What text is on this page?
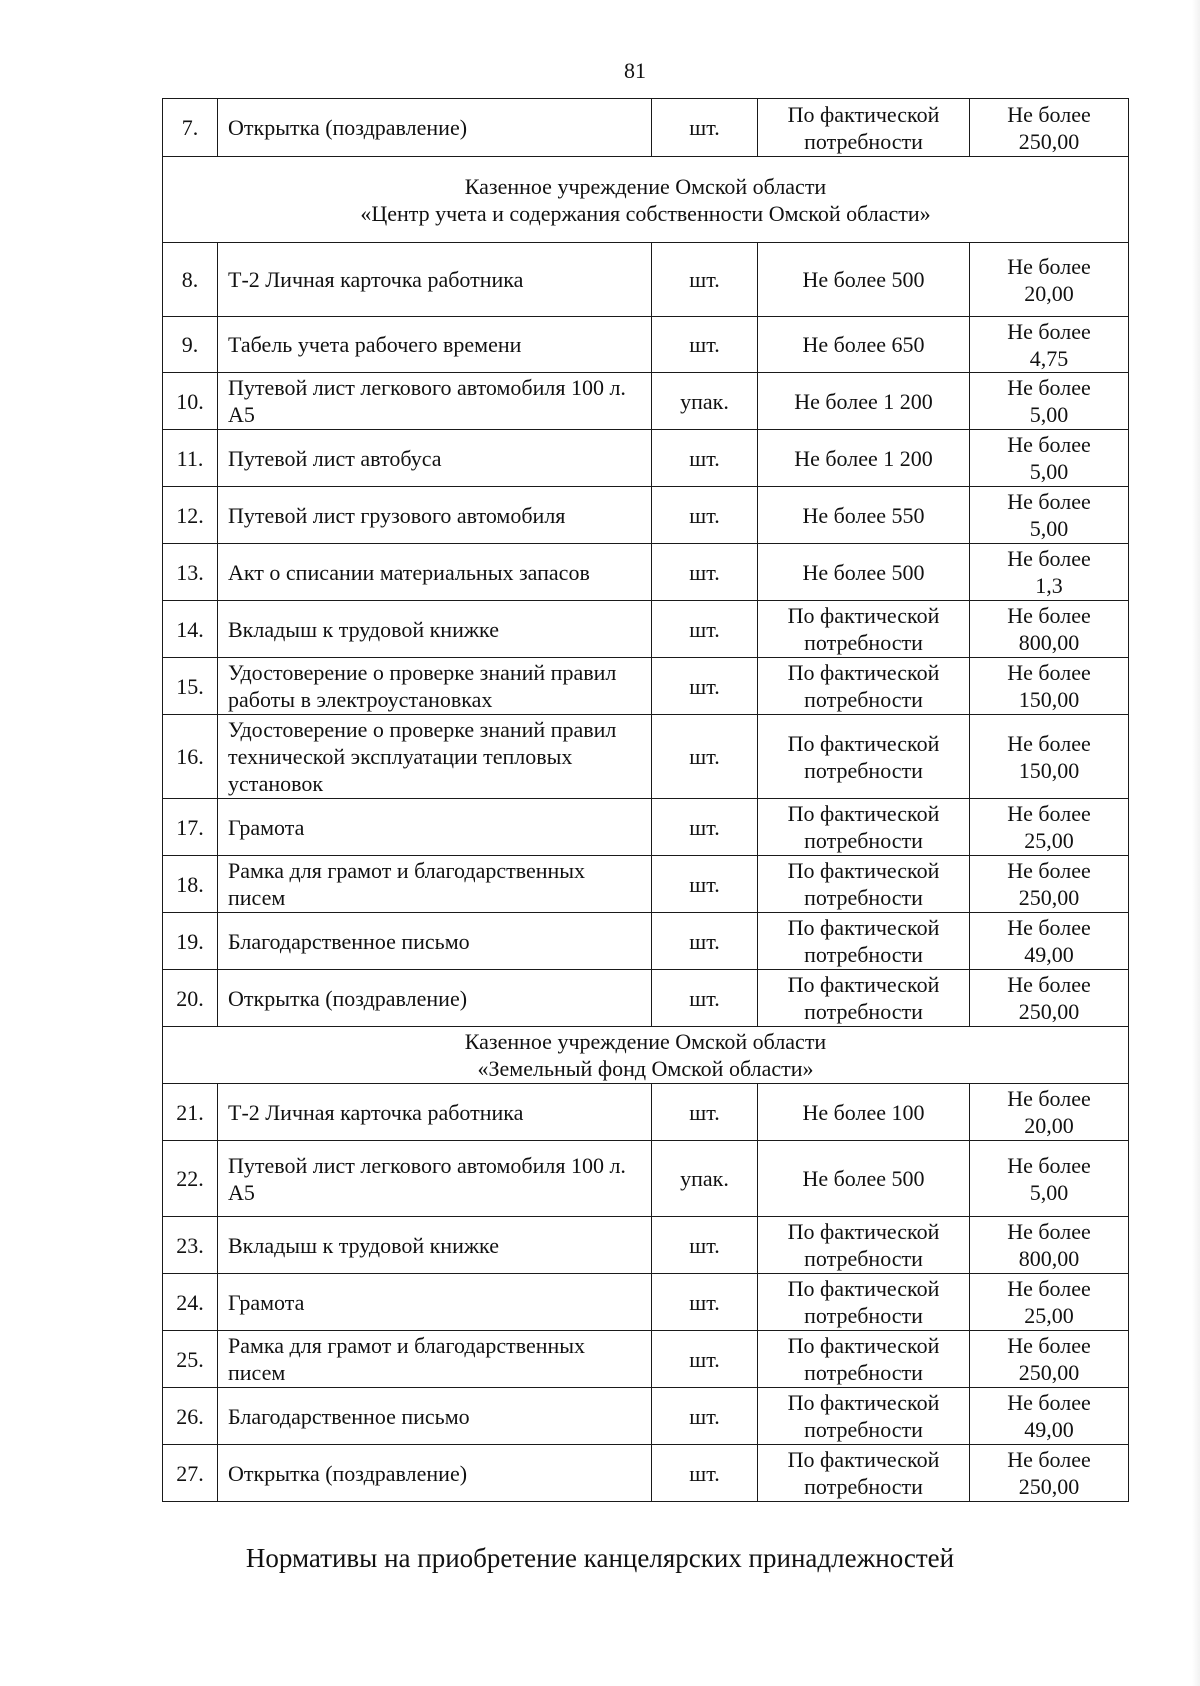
81
7.	Открытка (поздравление)	шт.	По фактической потребности	Не более
250,00

Казенное учреждение Омской области
«Центр учета и содержания собственности Омской области»				

8.	Т-2 Личная карточка работника	шт.	Не более 500	Не более
20,00

9.	Табель учета рабочего времени	шт.	Не более 650	Не более
4,75

10.	Путевой лист легкового автомобиля 100 л. А5	упак.	Не более 1 200	Не более
5,00

11.	Путевой лист автобуса	шт.	Не более 1 200	Не более
5,00

12.	Путевой лист грузового автомобиля	шт.	Не более 550	Не более
5,00

13.	Акт о списании материальных запасов	шт.	Не более 500	Не более
1,3

14.	Вкладыш к трудовой книжке	шт.	По фактической потребности	Не более
800,00

15.	Удостоверение о проверке знаний правил работы в электроустановках	шт.	По фактической потребности	Не более
150,00

16.	Удостоверение о проверке знаний правил технической эксплуатации тепловых установок	шт.	По фактической потребности	Не более
150,00

17.	Грамота	шт.	По фактической потребности	Не более
25,00

18.	Рамка для грамот и благодарственных писем	шт.	По фактической потребности	Не более
250,00

19.	Благодарственное письмо	шт.	По фактической потребности	Не более
49,00

20.	Открытка (поздравление)	шт.	По фактической потребности	Не более
250,00

Казенное учреждение Омской области
«Земельный фонд Омской области»				

21.	Т-2 Личная карточка работника	шт.	Не более 100	Не более
20,00

22.	Путевой лист легкового автомобиля 100 л. А5	упак.	Не более 500	Не более
5,00

23.	Вкладыш к трудовой книжке	шт.	По фактической потребности	Не более
800,00

24.	Грамота	шт.	По фактической потребности	Не более
25,00

25.	Рамка для грамот и благодарственных писем	шт.	По фактической потребности	Не более
250,00

26.	Благодарственное письмо	шт.	По фактической потребности	Не более
49,00

27.	Открытка (поздравление)	шт.	По фактической потребности	Не более
250,00
Нормативы на приобретение канцелярских принадлежностей
